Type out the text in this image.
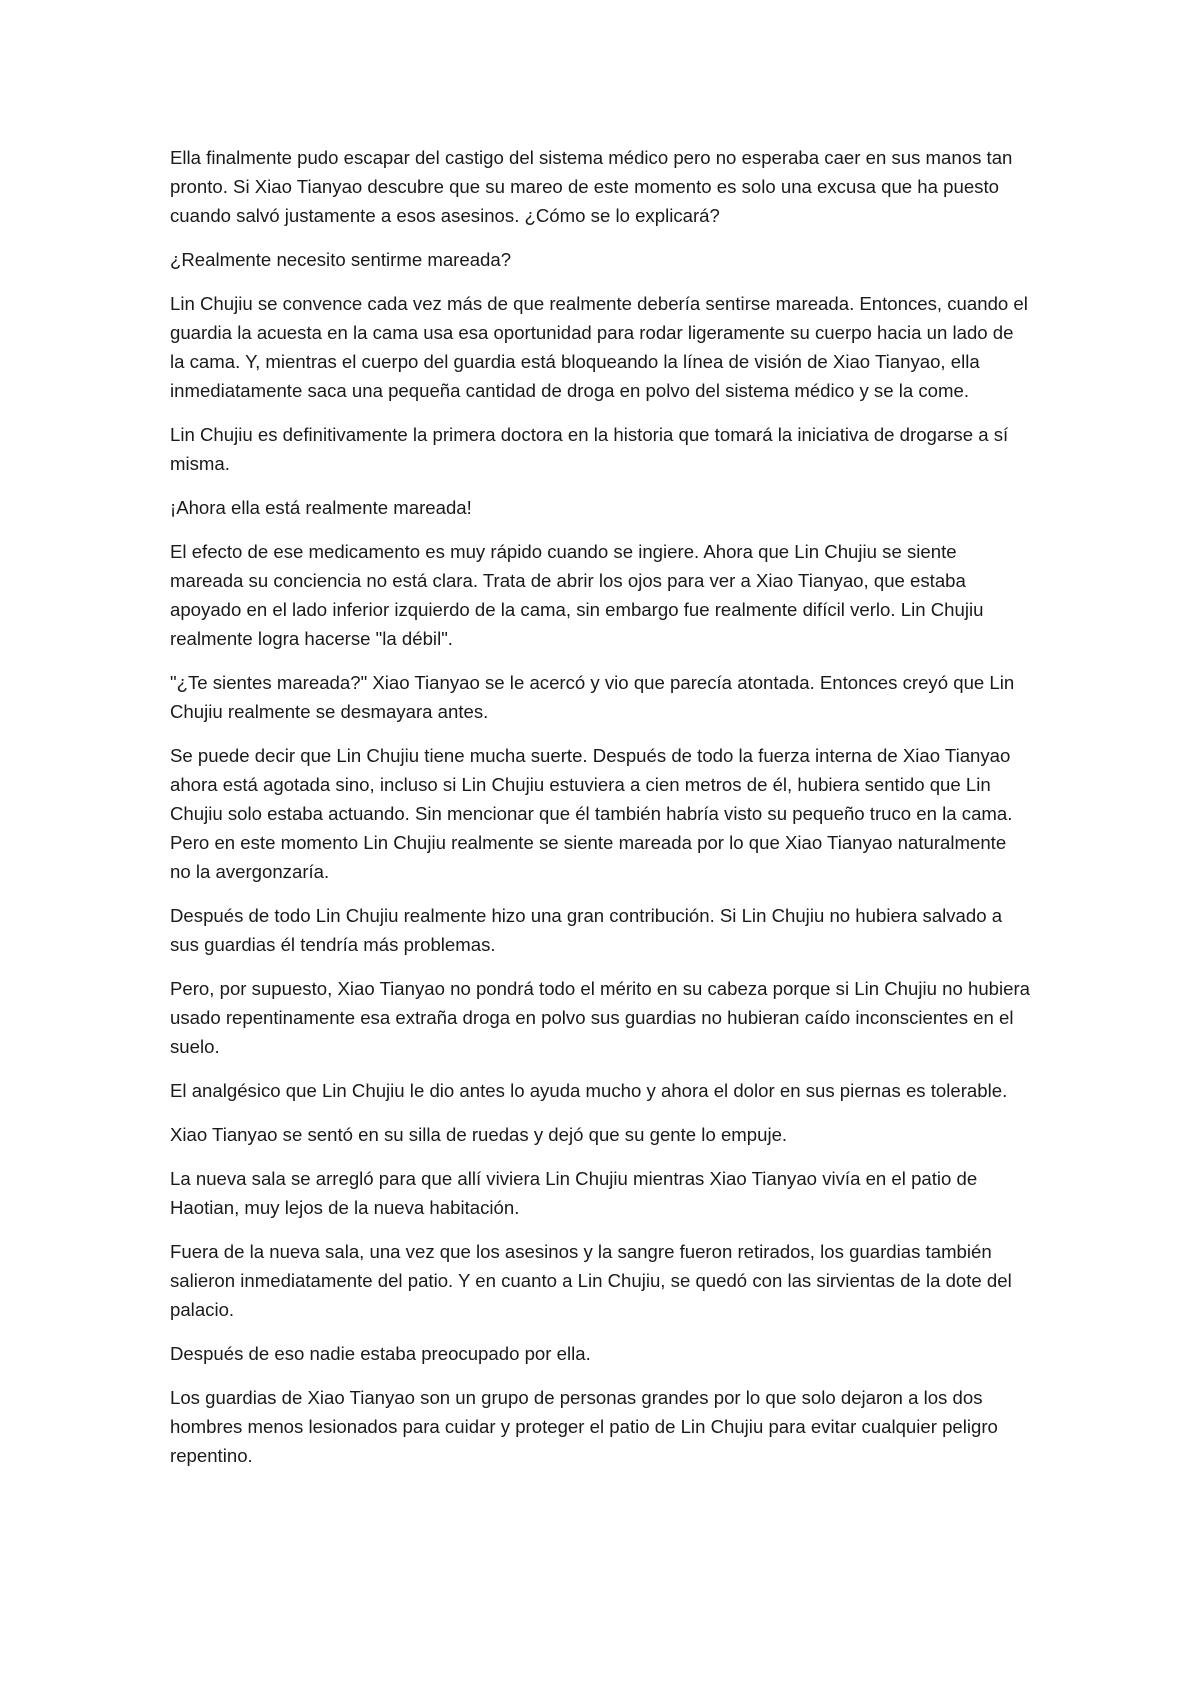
Ella finalmente pudo escapar del castigo del sistema médico pero no esperaba caer en sus manos tan pronto. Si Xiao Tianyao descubre que su mareo de este momento es solo una excusa que ha puesto cuando salvó justamente a esos asesinos. ¿Cómo se lo explicará?

¿Realmente necesito sentirme mareada?

Lin Chujiu se convence cada vez más de que realmente debería sentirse mareada. Entonces, cuando el guardia la acuesta en la cama usa esa oportunidad para rodar ligeramente su cuerpo hacia un lado de la cama. Y, mientras el cuerpo del guardia está bloqueando la línea de visión de Xiao Tianyao, ella inmediatamente saca una pequeña cantidad de droga en polvo del sistema médico y se la come.

Lin Chujiu es definitivamente la primera doctora en la historia que tomará la iniciativa de drogarse a sí misma.

¡Ahora ella está realmente mareada!

El efecto de ese medicamento es muy rápido cuando se ingiere. Ahora que Lin Chujiu se siente mareada su conciencia no está clara. Trata de abrir los ojos para ver a Xiao Tianyao, que estaba apoyado en el lado inferior izquierdo de la cama, sin embargo fue realmente difícil verlo. Lin Chujiu realmente logra hacerse "la débil".

"¿Te sientes mareada?" Xiao Tianyao se le acercó y vio que parecía atontada. Entonces creyó que Lin Chujiu realmente se desmayara antes.

Se puede decir que Lin Chujiu tiene mucha suerte. Después de todo la fuerza interna de Xiao Tianyao ahora está agotada sino, incluso si Lin Chujiu estuviera a cien metros de él, hubiera sentido que Lin Chujiu solo estaba actuando. Sin mencionar que él también habría visto su pequeño truco en la cama. Pero en este momento Lin Chujiu realmente se siente mareada por lo que Xiao Tianyao naturalmente no la avergonzaría.

Después de todo Lin Chujiu realmente hizo una gran contribución. Si Lin Chujiu no hubiera salvado a sus guardias él tendría más problemas.

Pero, por supuesto, Xiao Tianyao no pondrá todo el mérito en su cabeza porque si Lin Chujiu no hubiera usado repentinamente esa extraña droga en polvo sus guardias no hubieran caído inconscientes en el suelo.

El analgésico que Lin Chujiu le dio antes lo ayuda mucho y ahora el dolor en sus piernas es tolerable.

Xiao Tianyao se sentó en su silla de ruedas y dejó que su gente lo empuje.

La nueva sala se arregló para que allí viviera Lin Chujiu mientras Xiao Tianyao vivía en el patio de Haotian, muy lejos de la nueva habitación.

Fuera de la nueva sala, una vez que los asesinos y la sangre fueron retirados, los guardias también salieron inmediatamente del patio. Y en cuanto a Lin Chujiu, se quedó con las sirvientas de la dote del palacio.

Después de eso nadie estaba preocupado por ella.

Los guardias de Xiao Tianyao son un grupo de personas grandes por lo que solo dejaron a los dos hombres menos lesionados para cuidar y proteger el patio de Lin Chujiu para evitar cualquier peligro repentino.
